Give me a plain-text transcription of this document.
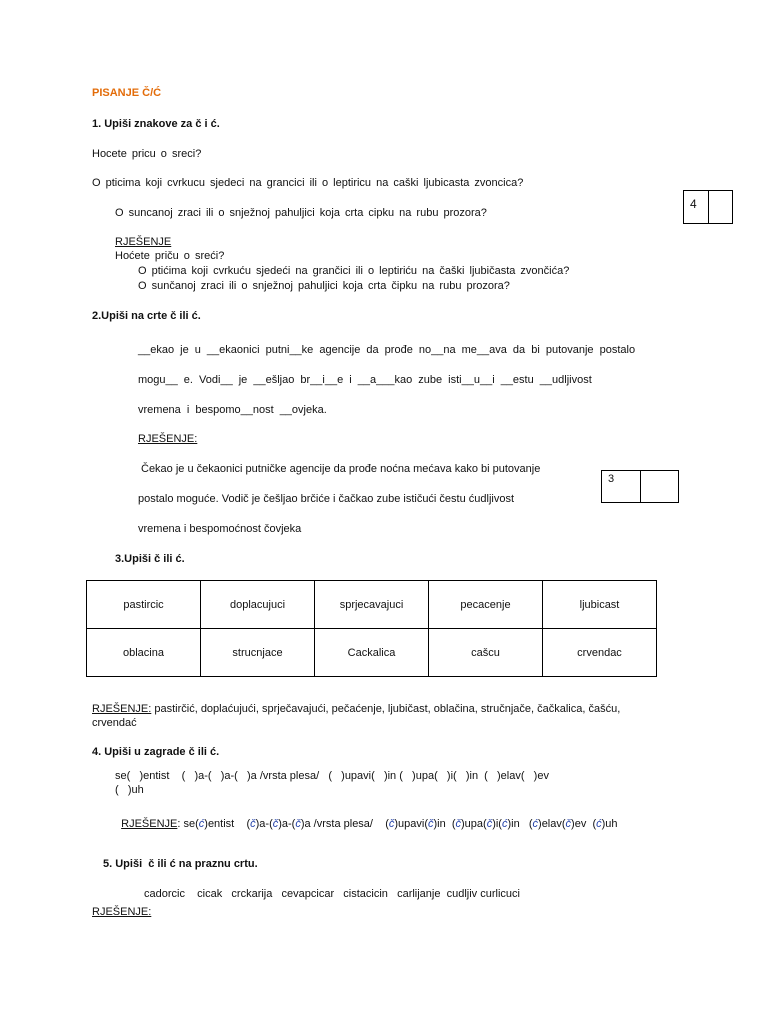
PISANJE Č/Ć
1. Upiši znakove za č i ć.
Hocete pricu o sreci?
O pticima koji cvrkucu sjedeci na grancici ili o leptiricu na caški ljubicasta zvoncica?
O suncanoj zraci ili o snježnoj pahuljici koja crta cipku na rubu prozora?
4
RJEŠENJE
Hoćete priču o sreći?
O ptićima koji cvrkuću sjedeći na grančici ili o leptiriću na čaški ljubičasta zvončića?
O sunčanoj zraci ili o snježnoj pahuljici koja crta čipku na rubu prozora?
2.Upiši na crte č ili ć.
__ekao je u __ekaonici putni__ke agencije da prođe no__na me__ava da bi putovanje postalo
mogu__ e. Vodi__ je __ešljao br__i__e i __a___kao zube isti__u__i __estu __udljivost
vremena i bespomo__nost __ovjeka.
RJEŠENJE:
Čekao je u čekaonici putničke agencije da prođe noćna mećava kako bi putovanje
postalo moguće. Vodič je češljao brčiće i čačkao zube ističući čestu ćudljivost
vremena i bespomoćnost čovjeka
3
3.Upiši č ili ć.
pastircic	doplacujuci	sprjecavajuci	pecacenje	ljubicast
oblacina	strucnjace	Cackalica	cašcu	crvendac
RJEŠENJE: pastirčić, doplaćujući, sprječavajući, pečaćenje, ljubičast, oblačina, stručnjače, čačkalica, čašću,
crvendać
4. Upiši u zagrade č ili ć.
se(   )entist    (   )a-(   )a-(   )a /vrsta plesa/   (   )upavi(   )in (   )upa(   )i(   )in  (   )elav(   )ev
(   )uh

RJEŠENJE: se(ć)entist    (č)a-(č)a-(č)a /vrsta plesa/    (č)upavi(č)in  (č)upa(č)i(ć)in   (ć)elav(č)ev  (ć)uh

5. Upiši  č ili ć na praznu crtu.
cadorcic    cicak   crckarija   cevapcicar   cistacicin   carlijanje  cudljiv curlicuci
RJEŠENJE:
